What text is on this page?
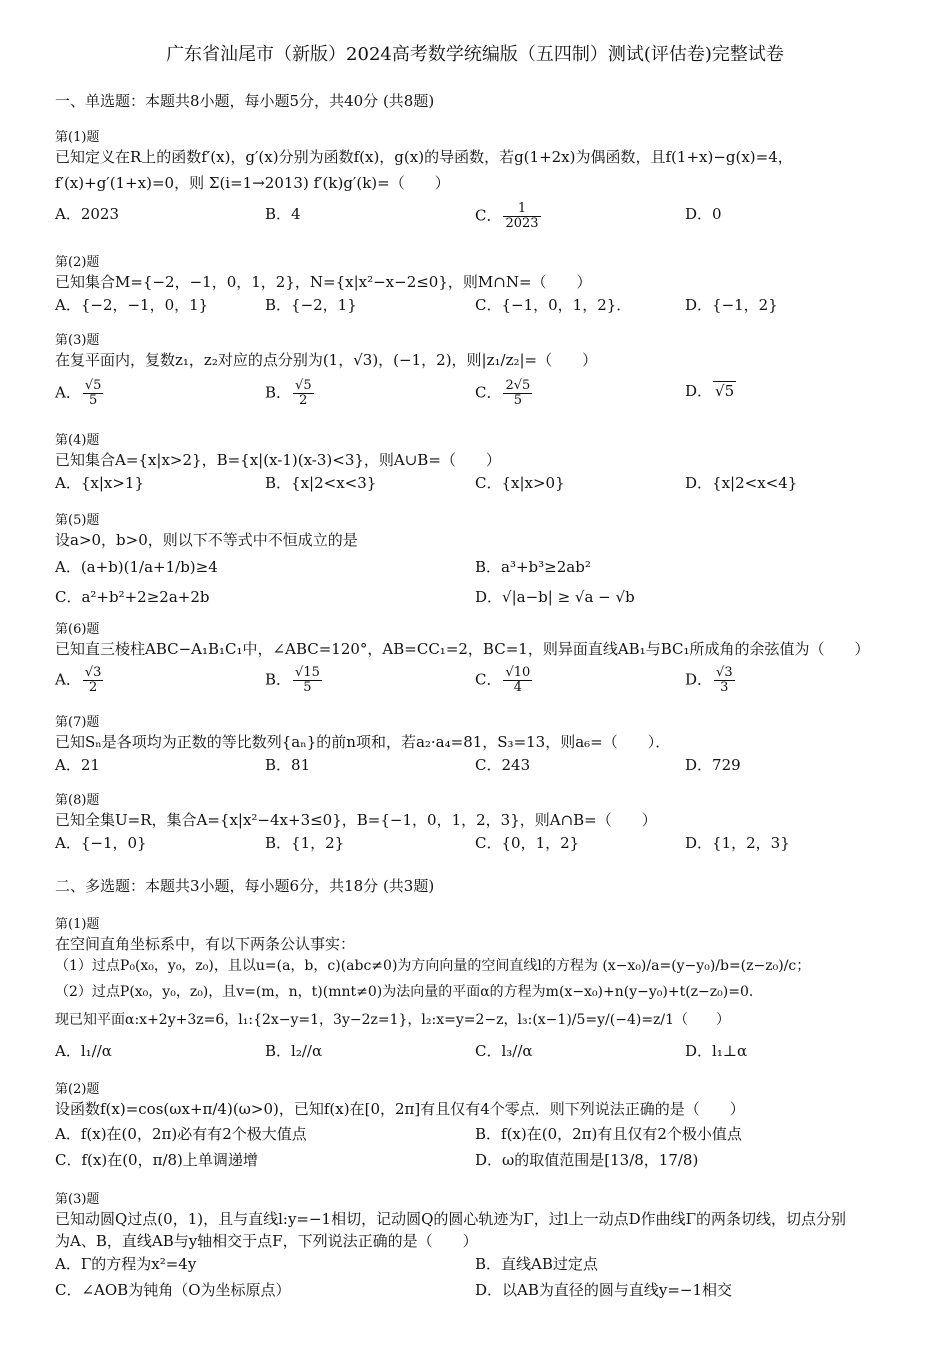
广东省汕尾市（新版）2024高考数学统编版（五四制）测试(评估卷)完整试卷
一、单选题：本题共8小题，每小题5分，共40分 (共8题)
第(1)题
已知定义在R上的函数f′(x)，g′(x)分别为函数f(x)，g(x)的导函数，若g(1+2x)为偶函数，且f(1+x)−g(x)=4，
f′(x)+g′(1+x)=0，则 Σ(i=1→2013) f′(k)g′(k)=（　　）
A．2023	B．4	C． $\frac{1}{2023}$	D．0
第(2)题
已知集合M={−2，−1，0，1，2}，N={x|x²−x−2≤0}，则M∩N=（　　）
A．{−2，−1，0，1}	B．{−2，1}	C．{−1，0，1，2}．	D．{−1，2}
第(3)题
在复平面内，复数z₁，z₂对应的点分别为(1，√3)，(−1，2)，则|z₁/z₂|=（　　）
A． $\frac{√5}{5}$	B． $\frac{√5}{2}$	C． $\frac{2√5}{5}$	D． √5
第(4)题
已知集合A={x|x>2}，B={x|(x-1)(x-3)<3}，则A∪B=（　　）
A．{x|x>1}	B．{x|2<x<3}	C．{x|x>0}	D．{x|2<x<4}
第(5)题
设a>0，b>0，则以下不等式中不恒成立的是
A．(a+b)(1/a+1/b)≥4	B．a³+b³≥2ab²
C．a²+b²+2≥2a+2b	D．√|a−b| ≥ √a − √b
第(6)题
已知直三棱柱ABC−A₁B₁C₁中，∠ABC=120°，AB=CC₁=2，BC=1，则异面直线AB₁与BC₁所成角的余弦值为（　　）
A． $\frac{√3}{2}$	B． $\frac{√15}{5}$	C． $\frac{√10}{4}$	D． $\frac{√3}{3}$
第(7)题
已知Sₙ是各项均为正数的等比数列{aₙ}的前n项和，若a₂·a₄=81，S₃=13，则a₆=（　　）．
A．21	B．81	C．243	D．729
第(8)题
已知全集U=R，集合A={x|x²−4x+3≤0}，B={−1，0，1，2，3}，则A∩B=（　　）
A．{−1，0}	B．{1，2}	C．{0，1，2}	D．{1，2，3}
二、多选题：本题共3小题，每小题6分，共18分 (共3题)
第(1)题
在空间直角坐标系中，有以下两条公认事实：
（1）过点P₀(x₀，y₀，z₀)，且以u=(a，b，c)(abc≠0)为方向向量的空间直线l的方程为 (x−x₀)/a=(y−y₀)/b=(z−z₀)/c；
（2）过点P(x₀，y₀，z₀)，且v=(m，n，t)(mnt≠0)为法向量的平面α的方程为m(x−x₀)+n(y−y₀)+t(z−z₀)=0．
现已知平面α:x+2y+3z=6，l₁:{2x−y=1，3y−2z=1}，l₂:x=y=2−z，l₃:(x−1)/5=y/(−4)=z/1（　　）
A．l₁//α	B．l₂//α	C．l₃//α	D．l₁⊥α
第(2)题
设函数f(x)=cos(ωx+π/4)(ω>0)，已知f(x)在[0，2π]有且仅有4个零点．则下列说法正确的是（　　）
A．f(x)在(0，2π)必有有2个极大值点	B．f(x)在(0，2π)有且仅有2个极小值点
C．f(x)在(0，π/8)上单调递增	D．ω的取值范围是[13/8，17/8)
第(3)题
已知动圆Q过点(0，1)，且与直线l:y=−1相切，记动圆Q的圆心轨迹为Γ，过l上一动点D作曲线Γ的两条切线，切点分别
为A、B，直线AB与y轴相交于点F，下列说法正确的是（　　）
A．Γ的方程为x²=4y	B．直线AB过定点
C．∠AOB为钝角（O为坐标原点）	D．以AB为直径的圆与直线y=−1相交
